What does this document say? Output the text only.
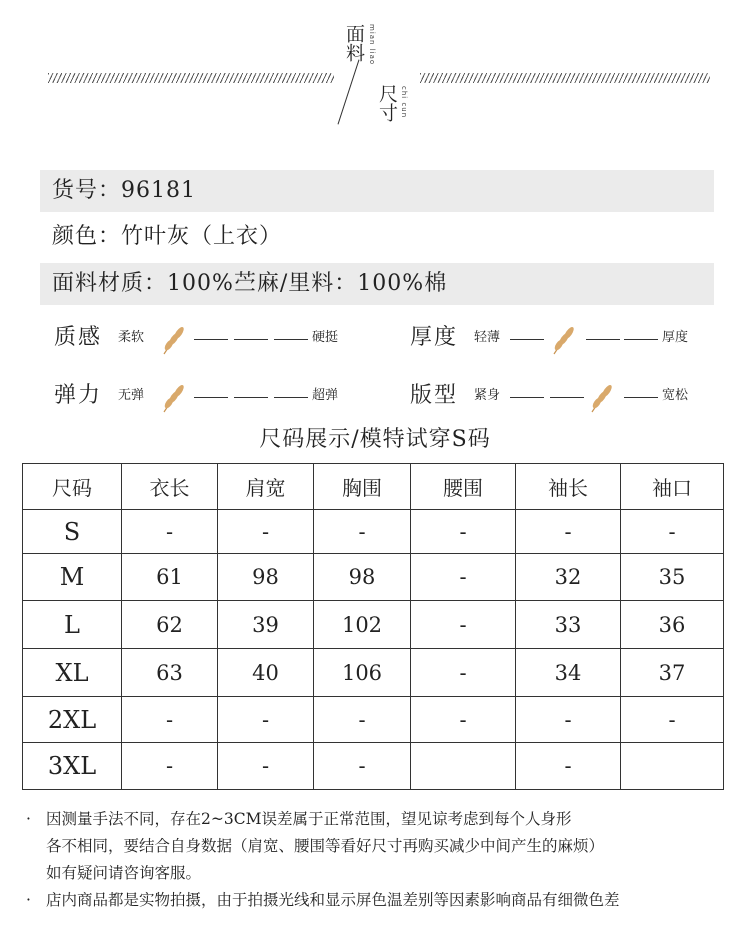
面料 mian liao
尺寸 chi cun
货号：96181
颜色：竹叶灰（上衣）
面料材质：100%苎麻/里料：100%棉
质感 柔软	硬挺	厚度 轻薄	厚度
弹力 无弹	超弹	版型 紧身	宽松
尺码展示/模特试穿S码
尺码	衣长	肩宽	胸围	腰围	袖长	袖口
S	-	-	-	-	-	-
M	61	98	98	-	32	35
L	62	39	102	-	33	36
XL	63	40	106	-	34	37
2XL	-	-	-	-	-	-
3XL	-	-	-		-	
· 因测量手法不同，存在2~3CM误差属于正常范围，望见谅考虑到每个人身形
各不相同，要结合自身数据（肩宽、腰围等看好尺寸再购买减少中间产生的麻烦）
如有疑问请咨询客服。
· 店内商品都是实物拍摄，由于拍摄光线和显示屏色温差别等因素影响商品有细微色差
